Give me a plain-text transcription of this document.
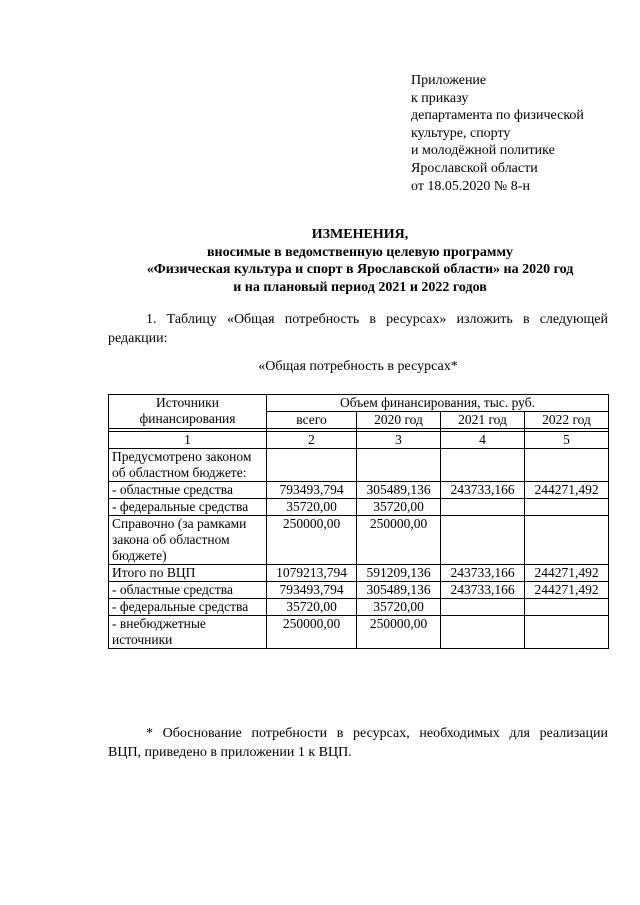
Приложение
к приказу
департамента по физической
культуре, спорту
и молодёжной политике
Ярославской области
от 18.05.2020 № 8-н
ИЗМЕНЕНИЯ,
вносимые в ведомственную целевую программу
«Физическая культура и спорт в Ярославской области» на 2020 год
и на плановый период 2021 и 2022 годов
1. Таблицу «Общая потребность в ресурсах» изложить в следующей
редакции:
«Общая потребность в ресурсах*
Источники финансирования	Объем финансирования, тыс. руб.			
	всего	2020 год	2021 год	2022 год

1	2	3	4	5
Предусмотрено законом об областном бюджете:				
- областные средства	793493,794	305489,136	243733,166	244271,492
- федеральные средства	35720,00	35720,00		
Справочно (за рамками закона об областном бюджете)	250000,00	250000,00		
Итого по ВЦП	1079213,794	591209,136	243733,166	244271,492
- областные средства	793493,794	305489,136	243733,166	244271,492
- федеральные средства	35720,00	35720,00		
- внебюджетные источники	250000,00	250000,00		
* Обоснование потребности в ресурсах, необходимых для реализации
ВЦП, приведено в приложении 1 к ВЦП.
